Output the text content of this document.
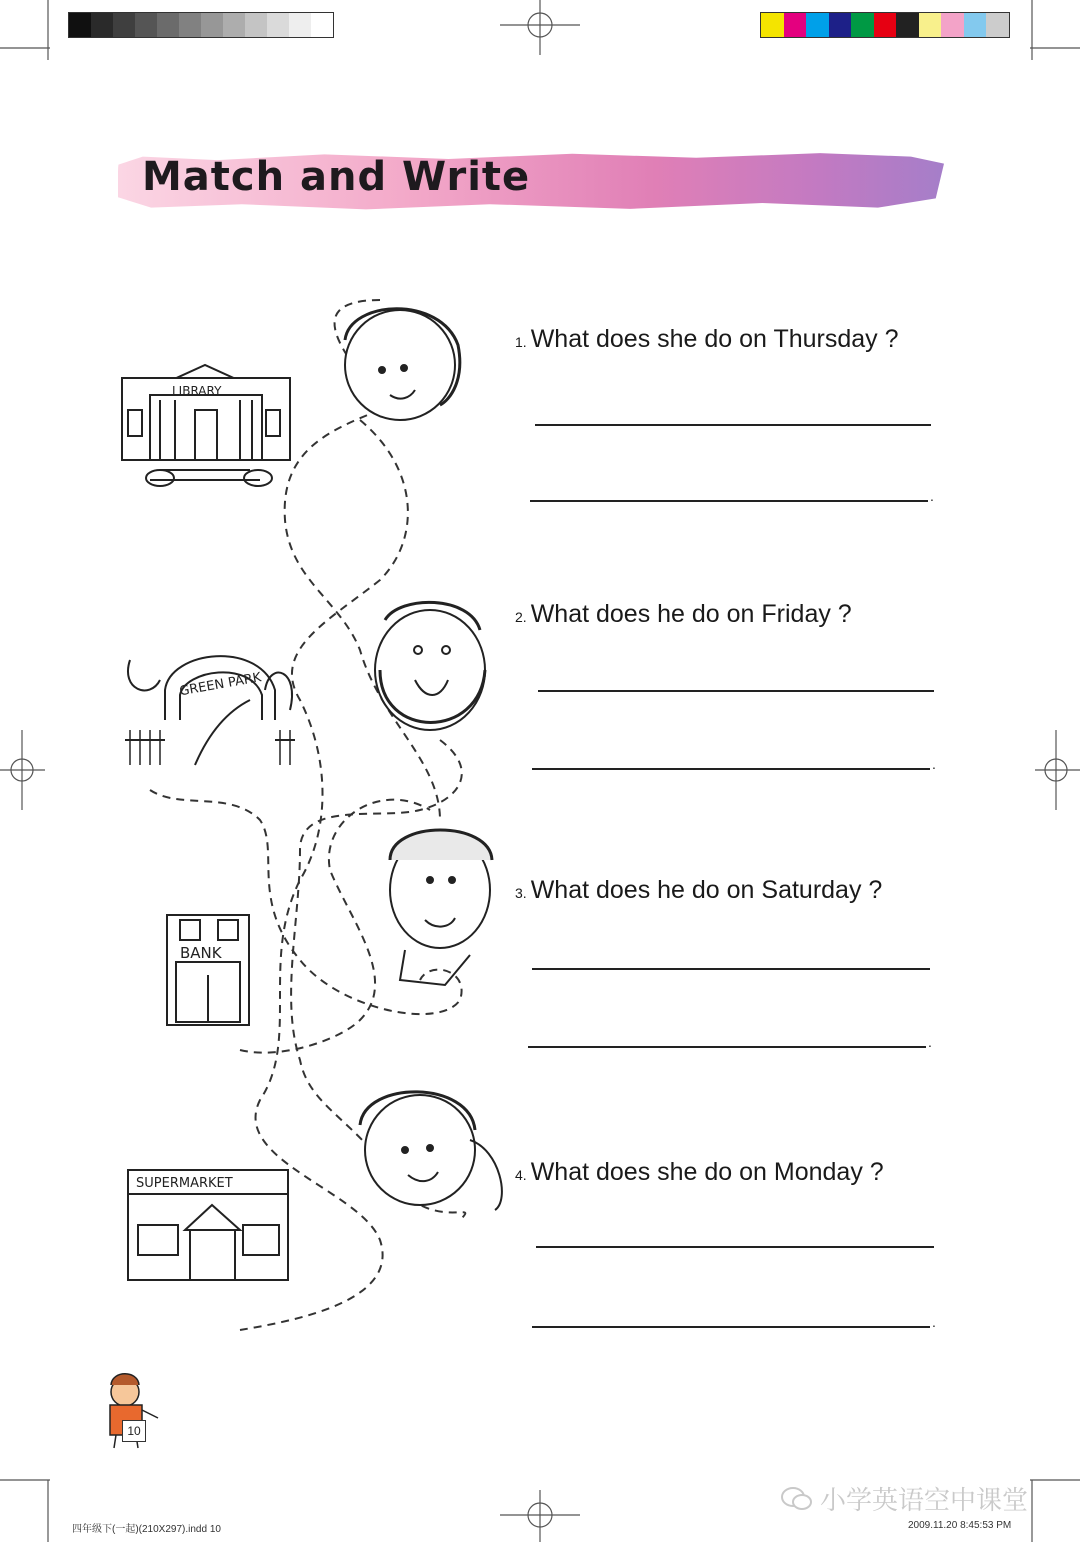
Match and Write
LIBRARY
GREEN PARK
BANK
SUPERMARKET
10
1. What does she do on Thursday ?
.
2. What does he do on Friday ?
.
3. What does he do on Saturday ?
.
4. What does she do on Monday ?
.
小学英语空中课堂
四年级下(一起)(210X297).indd 10	2009.11.20 8:45:53 PM
